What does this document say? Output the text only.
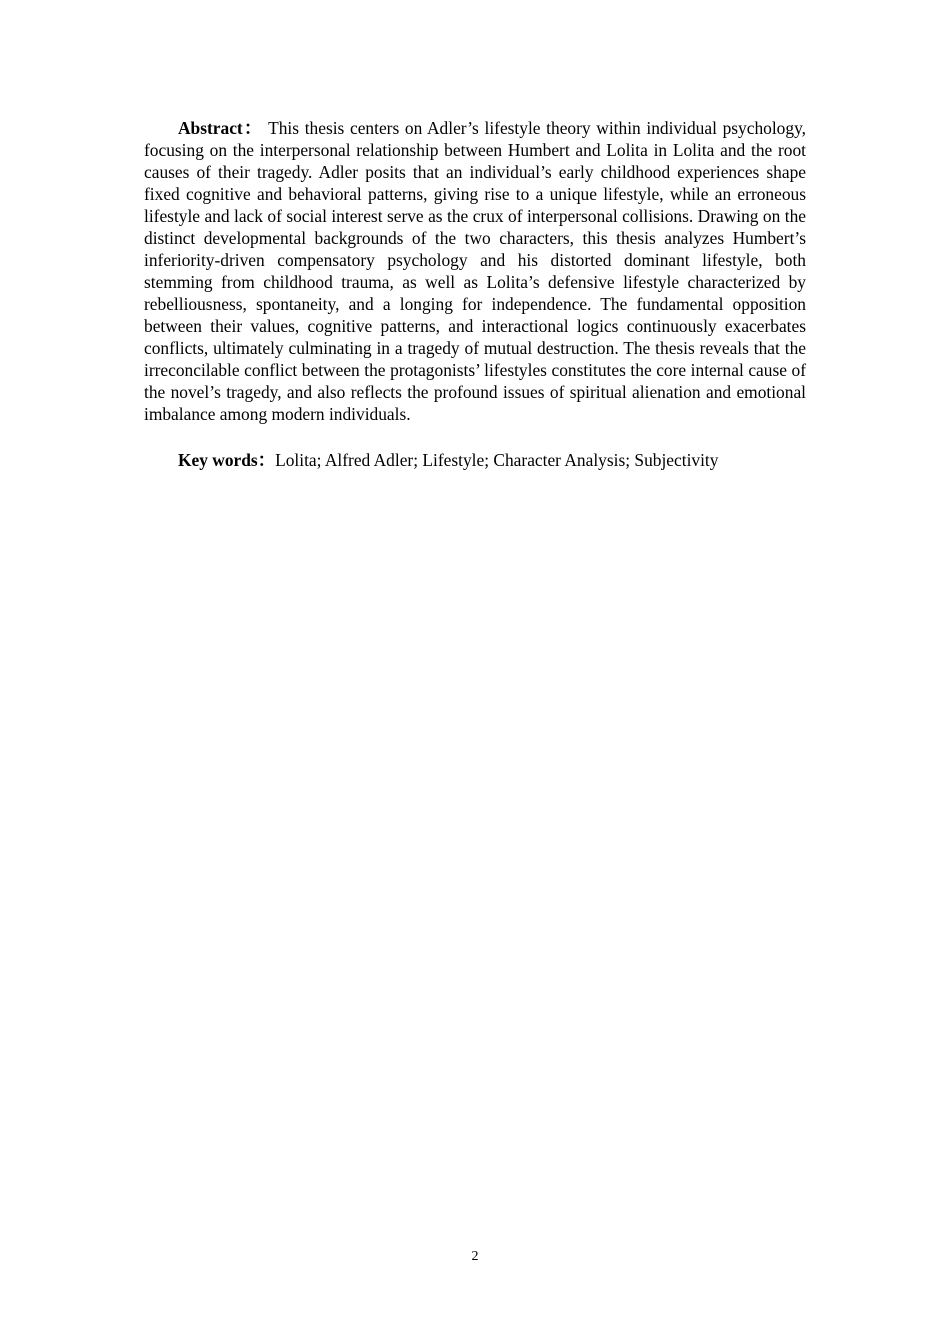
Abstract： This thesis centers on Adler’s lifestyle theory within individual psychology, focusing on the interpersonal relationship between Humbert and Lolita in Lolita and the root causes of their tragedy. Adler posits that an individual’s early childhood experiences shape fixed cognitive and behavioral patterns, giving rise to a unique lifestyle, while an erroneous lifestyle and lack of social interest serve as the crux of interpersonal collisions. Drawing on the distinct developmental backgrounds of the two characters, this thesis analyzes Humbert’s inferiority-driven compensatory psychology and his distorted dominant lifestyle, both stemming from childhood trauma, as well as Lolita’s defensive lifestyle characterized by rebelliousness, spontaneity, and a longing for independence. The fundamental opposition between their values, cognitive patterns, and interactional logics continuously exacerbates conflicts, ultimately culminating in a tragedy of mutual destruction. The thesis reveals that the irreconcilable conflict between the protagonists’ lifestyles constitutes the core internal cause of the novel’s tragedy, and also reflects the profound issues of spiritual alienation and emotional imbalance among modern individuals.

Key words：Lolita; Alfred Adler; Lifestyle; Character Analysis; Subjectivity

2
